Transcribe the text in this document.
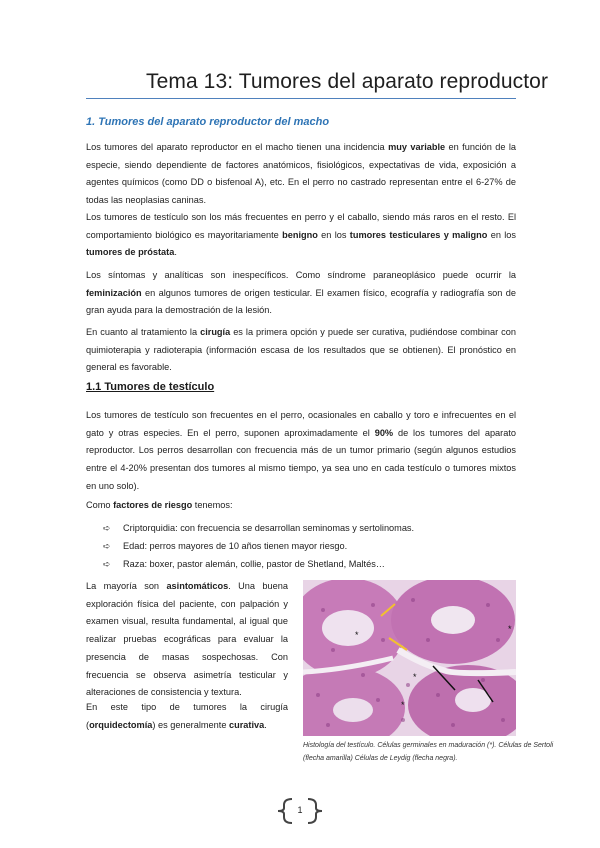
Tema 13: Tumores del aparato reproductor
1. Tumores del aparato reproductor del macho
Los tumores del aparato reproductor en el macho tienen una incidencia muy variable en función de la especie, siendo dependiente de factores anatómicos, fisiológicos, expectativas de vida, exposición a agentes químicos (como DD o bisfenoal A), etc. En el perro no castrado representan entre el 6-27% de todas las neoplasias caninas.
Los tumores de testículo son los más frecuentes en perro y el caballo, siendo más raros en el resto. El comportamiento biológico es mayoritariamente benigno en los tumores testiculares y maligno en los tumores de próstata.
Los síntomas y analíticas son inespecíficos. Como síndrome paraneoplásico puede ocurrir la feminización en algunos tumores de origen testicular. El examen físico, ecografía y radiografía son de gran ayuda para la demostración de la lesión.
En cuanto al tratamiento la cirugía es la primera opción y puede ser curativa, pudiéndose combinar con quimioterapia y radioterapia (información escasa de los resultados que se obtienen). El pronóstico en general es favorable.
1.1 Tumores de testículo
Los tumores de testículo son frecuentes en el perro, ocasionales en caballo y toro e infrecuentes en el gato y otras especies. En el perro, suponen aproximadamente el 90% de los tumores del aparato reproductor. Los perros desarrollan con frecuencia más de un tumor primario (según algunos estudios entre el 4-20% presentan dos tumores al mismo tiempo, ya sea uno en cada testículo o tumores mixtos en uno solo).
Como factores de riesgo tenemos:
➪ Criptorquidia: con frecuencia se desarrollan seminomas y sertolinomas.
➪ Edad: perros mayores de 10 años tienen mayor riesgo.
➪ Raza: boxer, pastor alemán, collie, pastor de Shetland, Maltés…
La mayoría son asintomáticos. Una buena exploración física del paciente, con palpación y examen visual, resulta fundamental, al igual que realizar pruebas ecográficas para evaluar la presencia de masas sospechosas. Con frecuencia se observa asimetría testicular y alteraciones de consistencia y textura.
En este tipo de tumores la cirugía (orquidectomía) es generalmente curativa.
*
*
*
*
Histología del testículo. Células germinales en maduración (*). Células de Sertoli (flecha amarilla) Células de Leydig (flecha negra).
1
